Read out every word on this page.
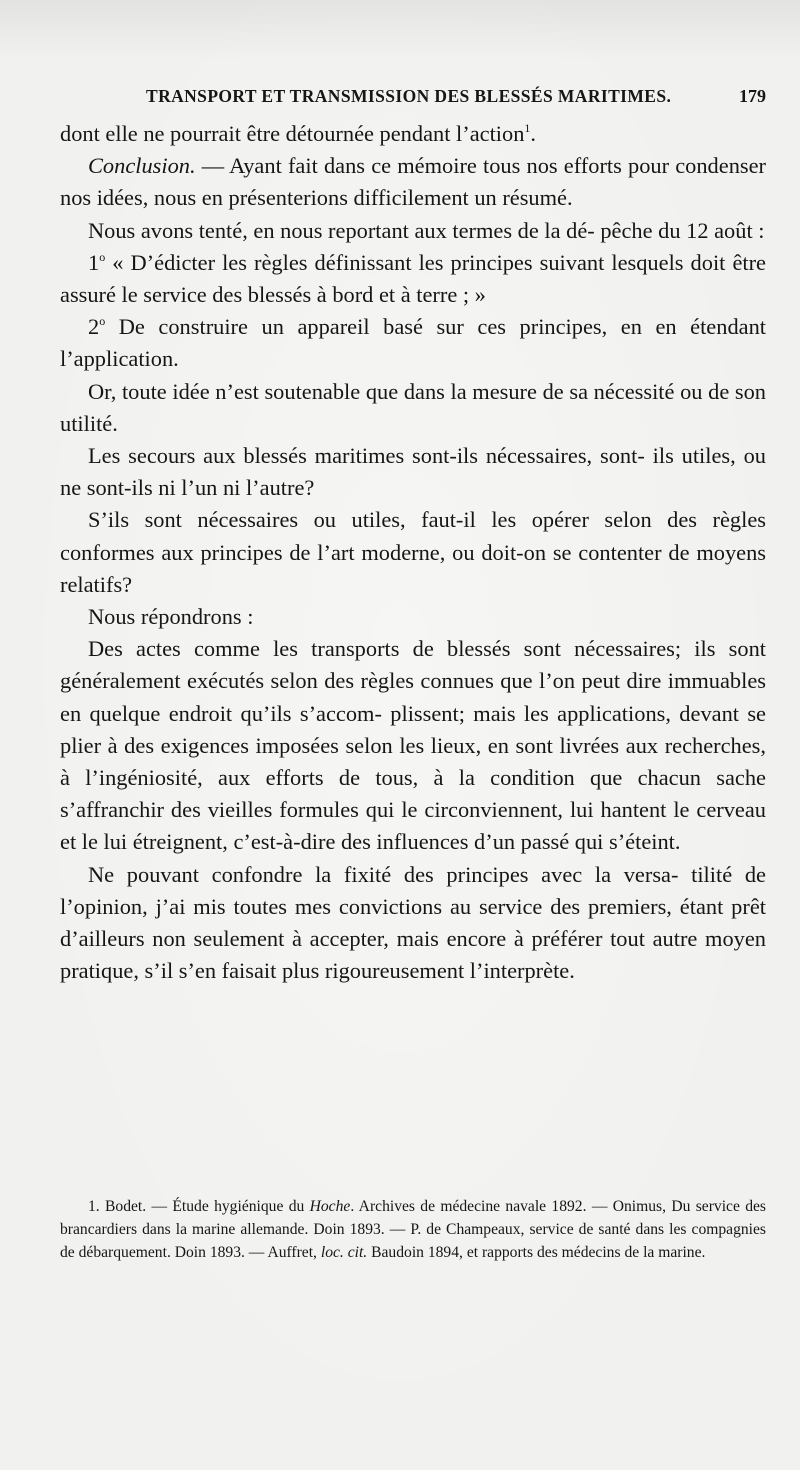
TRANSPORT ET TRANSMISSION DES BLESSÉS MARITIMES.	179

dont elle ne pourrait être détournée pendant l’action$^1$.

Conclusion. — Ayant fait dans ce mémoire tous nos efforts pour condenser nos idées, nous en présenterions difficilement un résumé.

Nous avons tenté, en nous reportant aux termes de la dé- pêche du 12 août :

1$^o$ « D’édicter les règles définissant les principes suivant lesquels doit être assuré le service des blessés à bord et à terre ; »

2$^o$ De construire un appareil basé sur ces principes, en en étendant l’application.

Or, toute idée n’est soutenable que dans la mesure de sa nécessité ou de son utilité.

Les secours aux blessés maritimes sont-ils nécessaires, sont- ils utiles, ou ne sont-ils ni l’un ni l’autre?

S’ils sont nécessaires ou utiles, faut-il les opérer selon des règles conformes aux principes de l’art moderne, ou doit-on se contenter de moyens relatifs?

Nous répondrons :

Des actes comme les transports de blessés sont nécessaires; ils sont généralement exécutés selon des règles connues que l’on peut dire immuables en quelque endroit qu’ils s’accom- plissent; mais les applications, devant se plier à des exigences imposées selon les lieux, en sont livrées aux recherches, à l’ingéniosité, aux efforts de tous, à la condition que chacun sache s’affranchir des vieilles formules qui le circonviennent, lui hantent le cerveau et le lui étreignent, c’est-à-dire des influences d’un passé qui s’éteint.

Ne pouvant confondre la fixité des principes avec la versa- tilité de l’opinion, j’ai mis toutes mes convictions au service des premiers, étant prêt d’ailleurs non seulement à accepter, mais encore à préférer tout autre moyen pratique, s’il s’en faisait plus rigoureusement l’interprète.

1. Bodet. — Étude hygiénique du Hoche. Archives de médecine navale 1892. — Onimus, Du service des brancardiers dans la marine allemande. Doin 1893. — P. de Champeaux, service de santé dans les compagnies de débarquement. Doin 1893. — Auffret, loc. cit. Baudoin 1894, et rapports des médecins de la marine.
